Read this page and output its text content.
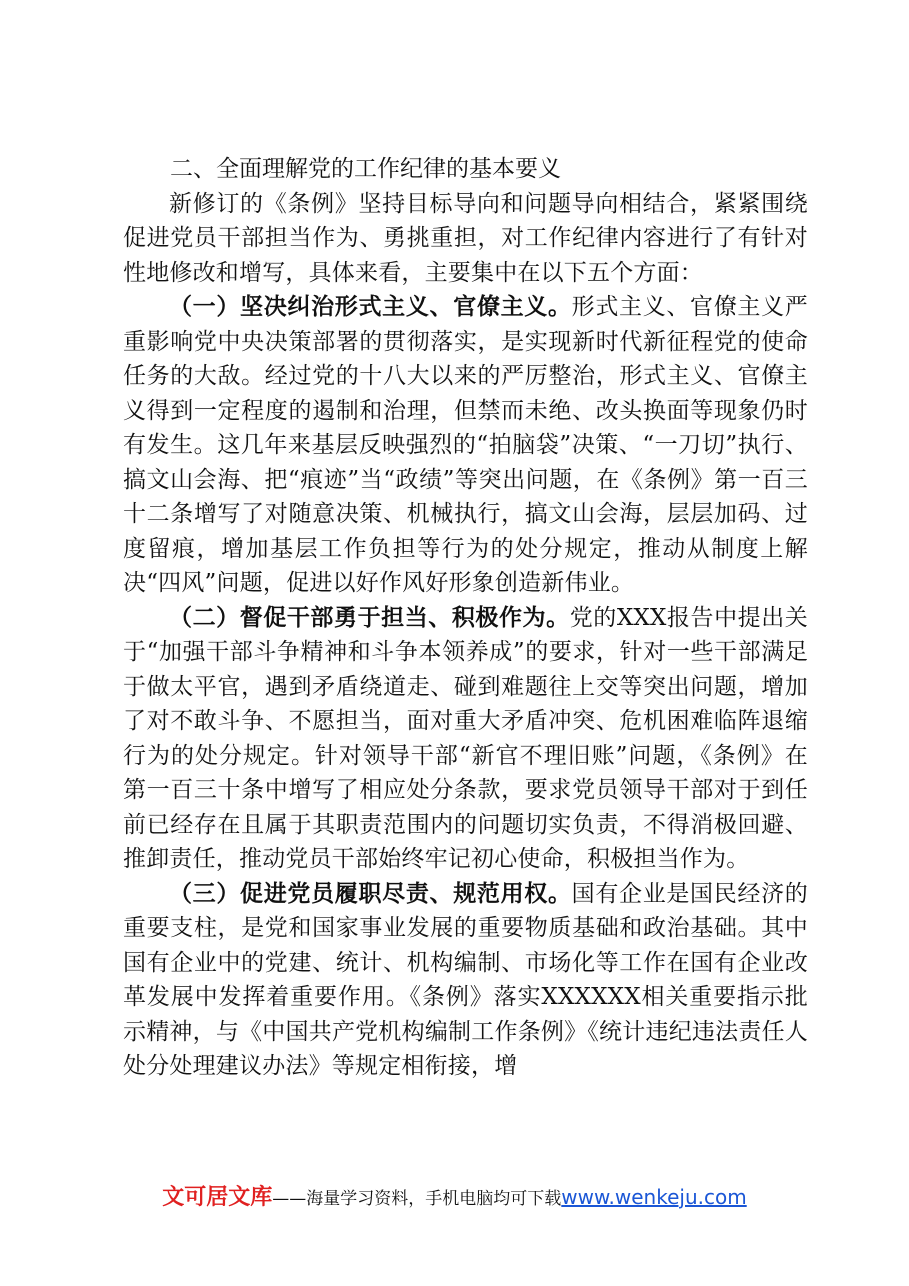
二、全面理解党的工作纪律的基本要义

新修订的《条例》坚持目标导向和问题导向相结合，紧紧围绕促进党员干部担当作为、勇挑重担，对工作纪律内容进行了有针对性地修改和增写，具体来看，主要集中在以下五个方面：

（一）坚决纠治形式主义、官僚主义。形式主义、官僚主义严重影响党中央决策部署的贯彻落实，是实现新时代新征程党的使命任务的大敌。经过党的十八大以来的严厉整治，形式主义、官僚主义得到一定程度的遏制和治理，但禁而未绝、改头换面等现象仍时有发生。这几年来基层反映强烈的“拍脑袋”决策、“一刀切”执行、搞文山会海、把“痕迹”当“政绩”等突出问题，在《条例》第一百三十二条增写了对随意决策、机械执行，搞文山会海，层层加码、过度留痕，增加基层工作负担等行为的处分规定，推动从制度上解决“四风”问题，促进以好作风好形象创造新伟业。

（二）督促干部勇于担当、积极作为。党的XXX报告中提出关于“加强干部斗争精神和斗争本领养成”的要求，针对一些干部满足于做太平官，遇到矛盾绕道走、碰到难题往上交等突出问题，增加了对不敢斗争、不愿担当，面对重大矛盾冲突、危机困难临阵退缩行为的处分规定。针对领导干部“新官不理旧账”问题，《条例》在第一百三十条中增写了相应处分条款，要求党员领导干部对于到任前已经存在且属于其职责范围内的问题切实负责，不得消极回避、推卸责任，推动党员干部始终牢记初心使命，积极担当作为。

（三）促进党员履职尽责、规范用权。国有企业是国民经济的重要支柱，是党和国家事业发展的重要物质基础和政治基础。其中国有企业中的党建、统计、机构编制、市场化等工作在国有企业改革发展中发挥着重要作用。《条例》落实XXXXXX相关重要指示批示精神，与《中国共产党机构编制工作条例》《统计违纪违法责任人处分处理建议办法》等规定相衔接，增

文可居文库——海量学习资料，手机电脑均可下载www.wenkeju.com
